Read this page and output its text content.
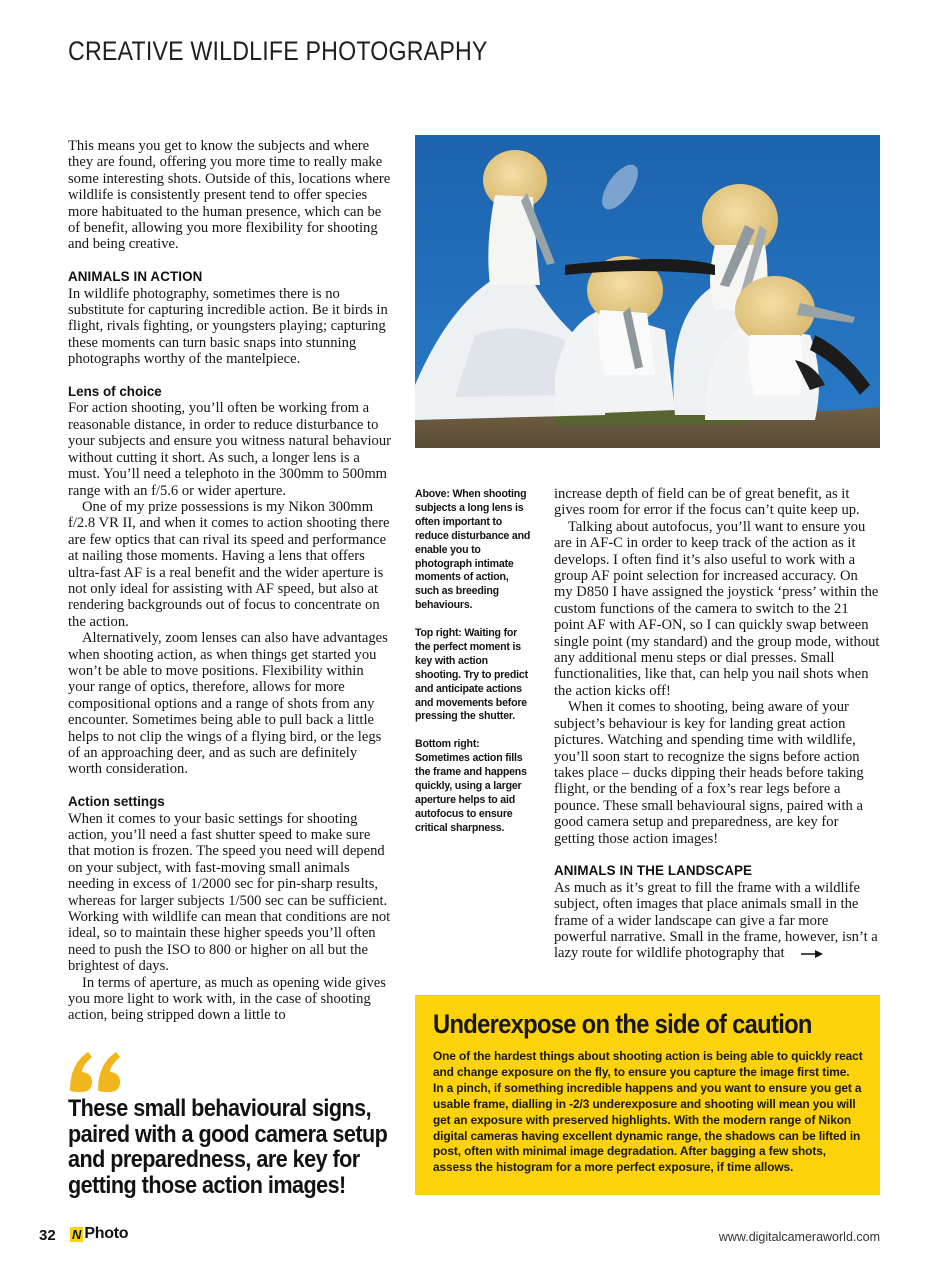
CREATIVE WILDLIFE PHOTOGRAPHY

This means you get to know the subjects and where they are found, offering you more time to really make some interesting shots. Outside of this, locations where wildlife is consistently present tend to offer species more habituated to the human presence, which can be of benefit, allowing you more flexibility for shooting and being creative.

ANIMALS IN ACTION

In wildlife photography, sometimes there is no substitute for capturing incredible action. Be it birds in flight, rivals fighting, or youngsters playing; capturing these moments can turn basic snaps into stunning photographs worthy of the mantelpiece.

Lens of choice

For action shooting, you’ll often be working from a reasonable distance, in order to reduce disturbance to your subjects and ensure you witness natural behaviour without cutting it short. As such, a longer lens is a must. You’ll need a telephoto in the 300mm to 500mm range with an f/5.6 or wider aperture.

One of my prize possessions is my Nikon 300mm f/2.8 VR II, and when it comes to action shooting there are few optics that can rival its speed and performance at nailing those moments. Having a lens that offers ultra-fast AF is a real benefit and the wider aperture is not only ideal for assisting with AF speed, but also at rendering backgrounds out of focus to concentrate on the action.

Alternatively, zoom lenses can also have advantages when shooting action, as when things get started you won’t be able to move positions. Flexibility within your range of optics, therefore, allows for more compositional options and a range of shots from any encounter. Sometimes being able to pull back a little helps to not clip the wings of a flying bird, or the legs of an approaching deer, and as such are definitely worth consideration.

Action settings

When it comes to your basic settings for shooting action, you’ll need a fast shutter speed to make sure that motion is frozen. The speed you need will depend on your subject, with fast-moving small animals needing in excess of 1/2000 sec for pin-sharp results, whereas for larger subjects 1/500 sec can be sufficient. Working with wildlife can mean that conditions are not ideal, so to maintain these higher speeds you’ll often need to push the ISO to 800 or higher on all but the brightest of days.

In terms of aperture, as much as opening wide gives you more light to work with, in the case of shooting action, being stripped down a little to

Above: When shooting subjects a long lens is often important to reduce disturbance and enable you to photograph intimate moments of action, such as breeding behaviours.

Top right: Waiting for the perfect moment is key with action shooting. Try to predict and anticipate actions and movements before pressing the shutter.

Bottom right: Sometimes action fills the frame and happens quickly, using a larger aperture helps to aid autofocus to ensure critical sharpness.

increase depth of field can be of great benefit, as it gives room for error if the focus can’t quite keep up.

Talking about autofocus, you’ll want to ensure you are in AF-C in order to keep track of the action as it develops. I often find it’s also useful to work with a group AF point selection for increased accuracy. On my D850 I have assigned the joystick ‘press’ within the custom functions of the camera to switch to the 21 point AF with AF-ON, so I can quickly swap between single point (my standard) and the group mode, without any additional menu steps or dial presses. Small functionalities, like that, can help you nail shots when the action kicks off!

When it comes to shooting, being aware of your subject’s behaviour is key for landing great action pictures. Watching and spending time with wildlife, you’ll soon start to recognize the signs before action takes place – ducks dipping their heads before taking flight, or the bending of a fox’s rear legs before a pounce. These small behavioural signs, paired with a good camera setup and preparedness, are key for getting those action images!

ANIMALS IN THE LANDSCAPE

As much as it’s great to fill the frame with a wildlife subject, often images that place animals small in the frame of a wider landscape can give a far more powerful narrative. Small in the frame, however, isn’t a lazy route for wildlife photography that

These small behavioural signs, paired with a good camera setup and preparedness, are key for getting those action images!
Underexpose on the side of caution
One of the hardest things about shooting action is being able to quickly react and change exposure on the fly, to ensure you capture the image first time. In a pinch, if something incredible happens and you want to ensure you get a usable frame, dialling in -2/3 underexposure and shooting will mean you will get an exposure with preserved highlights. With the modern range of Nikon digital cameras having excellent dynamic range, the shadows can be lifted in post, often with minimal image degradation. After bagging a few shots, assess the histogram for a more perfect exposure, if time allows.
32 N Photo	www.digitalcameraworld.com
